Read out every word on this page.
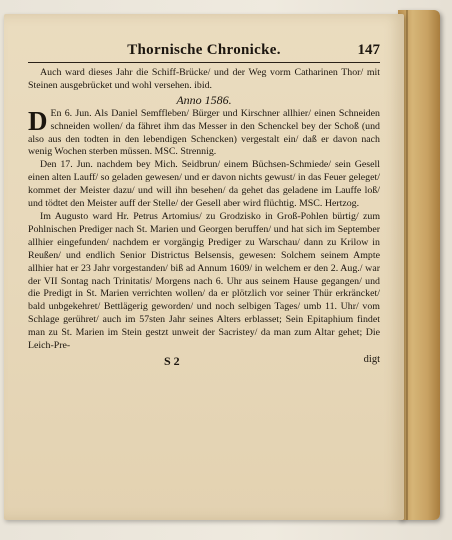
Thornische Chronicke.	147

Auch ward dieses Jahr die Schiff-Brücke/ und der Weg vorm Catharinen Thor/ mit Steinen ausgebrücket und wohl versehen. ibid.

Anno 1586.

D En 6. Jun. Als Daniel Semffleben/ Bürger und Kirschner allhier/ einen Schneiden schneiden wollen/ da fähret ihm das Messer in den Schenckel bey der Schoß (und also aus den todten in den lebendigen Schencken) vergestalt ein/ daß er davon nach wenig Wochen sterben müssen. MSC. Strennig.

Den 17. Jun. nachdem bey Mich. Seidbrun/ einem Büchsen-Schmiede/ sein Gesell einen alten Lauff/ so geladen gewesen/ und er davon nichts gewust/ in das Feuer geleget/ kommet der Meister dazu/ und will ihn besehen/ da gehet das geladene im Lauffe loß/ und tödtet den Meister auff der Stelle/ der Gesell aber wird flüchtig. MSC. Hertzog.

Im Augusto ward Hr. Petrus Artomius/ zu Grodzisko in Groß-Pohlen bürtig/ zum Pohlnischen Prediger nach St. Marien und Georgen beruffen/ und hat sich im September allhier eingefunden/ nachdem er vorgängig Prediger zu Warschau/ dann zu Krilow in Reußen/ und endlich Senior Districtus Belsensis, gewesen: Solchem seinem Ampte allhier hat er 23 Jahr vorgestanden/ biß ad Annum 1609/ in welchem er den 2. Aug./ war der VII Sontag nach Trinitatis/ Morgens nach 6. Uhr aus seinem Hause gegangen/ und die Predigt in St. Marien verrichten wollen/ da er plötzlich vor seiner Thür erkräncket/ bald unbgekehret/ Bettlägerig geworden/ und noch selbigen Tages/ umb 11. Uhr/ vom Schlage gerühret/ auch im 57sten Jahr seines Alters erblasset; Sein Epitaphium findet man zu St. Marien im Stein gestzt unweit der Sacristey/ da man zum Altar gehet; Die Leich-Pre-

S 2	digt
